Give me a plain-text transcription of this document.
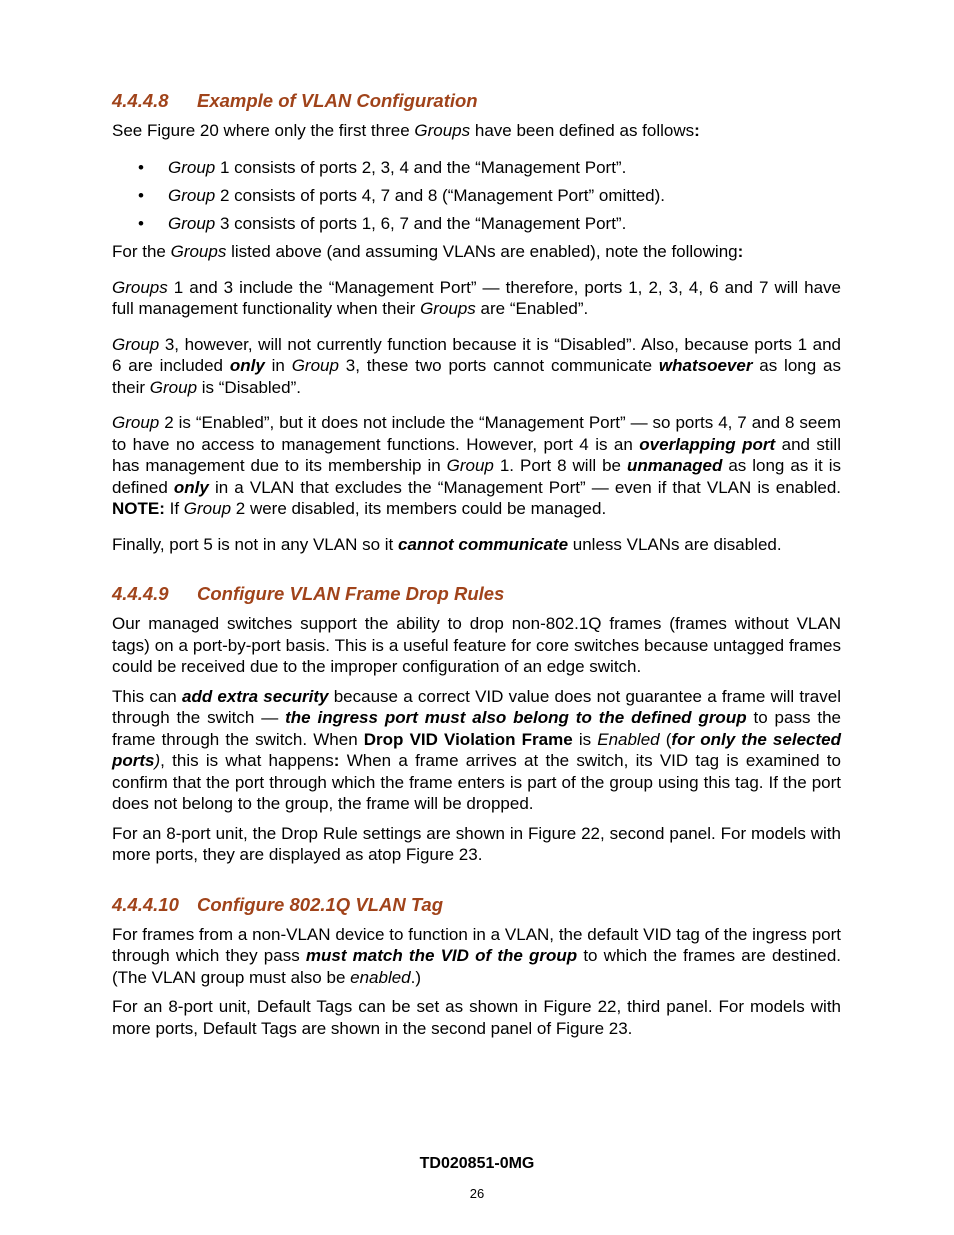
4.4.4.8 Example of VLAN Configuration

See Figure 20 where only the first three Groups have been defined as follows:

• Group 1 consists of ports 2, 3, 4 and the “Management Port”.
• Group 2 consists of ports 4, 7 and 8 (“Management Port” omitted).
• Group 3 consists of ports 1, 6, 7 and the “Management Port”.

For the Groups listed above (and assuming VLANs are enabled), note the following:

Groups 1 and 3 include the “Management Port” — therefore, ports 1, 2, 3, 4, 6 and 7 will have full management functionality when their Groups are “Enabled”.

Group 3, however, will not currently function because it is “Disabled”. Also, because ports 1 and 6 are included only in Group 3, these two ports cannot communicate whatsoever as long as their Group is “Disabled”.

Group 2 is “Enabled”, but it does not include the “Management Port” — so ports 4, 7 and 8 seem to have no access to management functions. However, port 4 is an overlapping port and still has management due to its membership in Group 1. Port 8 will be unmanaged as long as it is defined only in a VLAN that excludes the “Management Port” — even if that VLAN is enabled. NOTE: If Group 2 were disabled, its members could be managed.

Finally, port 5 is not in any VLAN so it cannot communicate unless VLANs are disabled.

4.4.4.9 Configure VLAN Frame Drop Rules

Our managed switches support the ability to drop non-802.1Q frames (frames without VLAN tags) on a port-by-port basis. This is a useful feature for core switches because untagged frames could be received due to the improper configuration of an edge switch.

This can add extra security because a correct VID value does not guarantee a frame will travel through the switch — the ingress port must also belong to the defined group to pass the frame through the switch. When Drop VID Violation Frame is Enabled (for only the selected ports), this is what happens: When a frame arrives at the switch, its VID tag is examined to confirm that the port through which the frame enters is part of the group using this tag. If the port does not belong to the group, the frame will be dropped.

For an 8-port unit, the Drop Rule settings are shown in Figure 22, second panel. For models with more ports, they are displayed as atop Figure 23.

4.4.4.10 Configure 802.1Q VLAN Tag

For frames from a non-VLAN device to function in a VLAN, the default VID tag of the ingress port through which they pass must match the VID of the group to which the frames are destined. (The VLAN group must also be enabled.)

For an 8-port unit, Default Tags can be set as shown in Figure 22, third panel. For models with more ports, Default Tags are shown in the second panel of Figure 23.

TD020851-0MG
26
